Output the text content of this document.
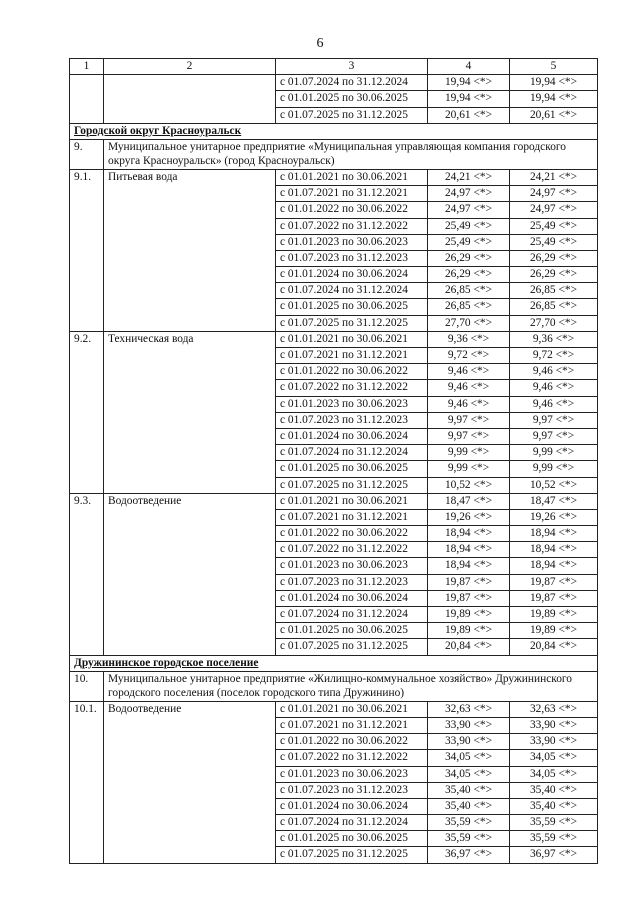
6
1	2	3	4	5
		с 01.07.2024 по 31.12.2024	19,94 <*>	19,94 <*>
		с 01.01.2025 по 30.06.2025	19,94 <*>	19,94 <*>
		с 01.07.2025 по 31.12.2025	20,61 <*>	20,61 <*>
Городской округ Красноуральск				
9.	Муниципальное унитарное предприятие «Муниципальная управляющая компания городского округа Красноуральск» (город Красноуральск)			
9.1.	Питьевая вода	с 01.01.2021 по 30.06.2021	24,21 <*>	24,21 <*>
		с 01.07.2021 по 31.12.2021	24,97 <*>	24,97 <*>
		с 01.01.2022 по 30.06.2022	24,97 <*>	24,97 <*>
		с 01.07.2022 по 31.12.2022	25,49 <*>	25,49 <*>
		с 01.01.2023 по 30.06.2023	25,49 <*>	25,49 <*>
		с 01.07.2023 по 31.12.2023	26,29 <*>	26,29 <*>
		с 01.01.2024 по 30.06.2024	26,29 <*>	26,29 <*>
		с 01.07.2024 по 31.12.2024	26,85 <*>	26,85 <*>
		с 01.01.2025 по 30.06.2025	26,85 <*>	26,85 <*>
		с 01.07.2025 по 31.12.2025	27,70 <*>	27,70 <*>
9.2.	Техническая вода	с 01.01.2021 по 30.06.2021	9,36 <*>	9,36 <*>
		с 01.07.2021 по 31.12.2021	9,72 <*>	9,72 <*>
		с 01.01.2022 по 30.06.2022	9,46 <*>	9,46 <*>
		с 01.07.2022 по 31.12.2022	9,46 <*>	9,46 <*>
		с 01.01.2023 по 30.06.2023	9,46 <*>	9,46 <*>
		с 01.07.2023 по 31.12.2023	9,97 <*>	9,97 <*>
		с 01.01.2024 по 30.06.2024	9,97 <*>	9,97 <*>
		с 01.07.2024 по 31.12.2024	9,99 <*>	9,99 <*>
		с 01.01.2025 по 30.06.2025	9,99 <*>	9,99 <*>
		с 01.07.2025 по 31.12.2025	10,52 <*>	10,52 <*>
9.3.	Водоотведение	с 01.01.2021 по 30.06.2021	18,47 <*>	18,47 <*>
		с 01.07.2021 по 31.12.2021	19,26 <*>	19,26 <*>
		с 01.01.2022 по 30.06.2022	18,94 <*>	18,94 <*>
		с 01.07.2022 по 31.12.2022	18,94 <*>	18,94 <*>
		с 01.01.2023 по 30.06.2023	18,94 <*>	18,94 <*>
		с 01.07.2023 по 31.12.2023	19,87 <*>	19,87 <*>
		с 01.01.2024 по 30.06.2024	19,87 <*>	19,87 <*>
		с 01.07.2024 по 31.12.2024	19,89 <*>	19,89 <*>
		с 01.01.2025 по 30.06.2025	19,89 <*>	19,89 <*>
		с 01.07.2025 по 31.12.2025	20,84 <*>	20,84 <*>
Дружининское городское поселение				
10.	Муниципальное унитарное предприятие «Жилищно-коммунальное хозяйство» Дружининского городского поселения (поселок городского типа Дружинино)			
10.1.	Водоотведение	с 01.01.2021 по 30.06.2021	32,63 <*>	32,63 <*>
		с 01.07.2021 по 31.12.2021	33,90 <*>	33,90 <*>
		с 01.01.2022 по 30.06.2022	33,90 <*>	33,90 <*>
		с 01.07.2022 по 31.12.2022	34,05 <*>	34,05 <*>
		с 01.01.2023 по 30.06.2023	34,05 <*>	34,05 <*>
		с 01.07.2023 по 31.12.2023	35,40 <*>	35,40 <*>
		с 01.01.2024 по 30.06.2024	35,40 <*>	35,40 <*>
		с 01.07.2024 по 31.12.2024	35,59 <*>	35,59 <*>
		с 01.01.2025 по 30.06.2025	35,59 <*>	35,59 <*>
		с 01.07.2025 по 31.12.2025	36,97 <*>	36,97 <*>
